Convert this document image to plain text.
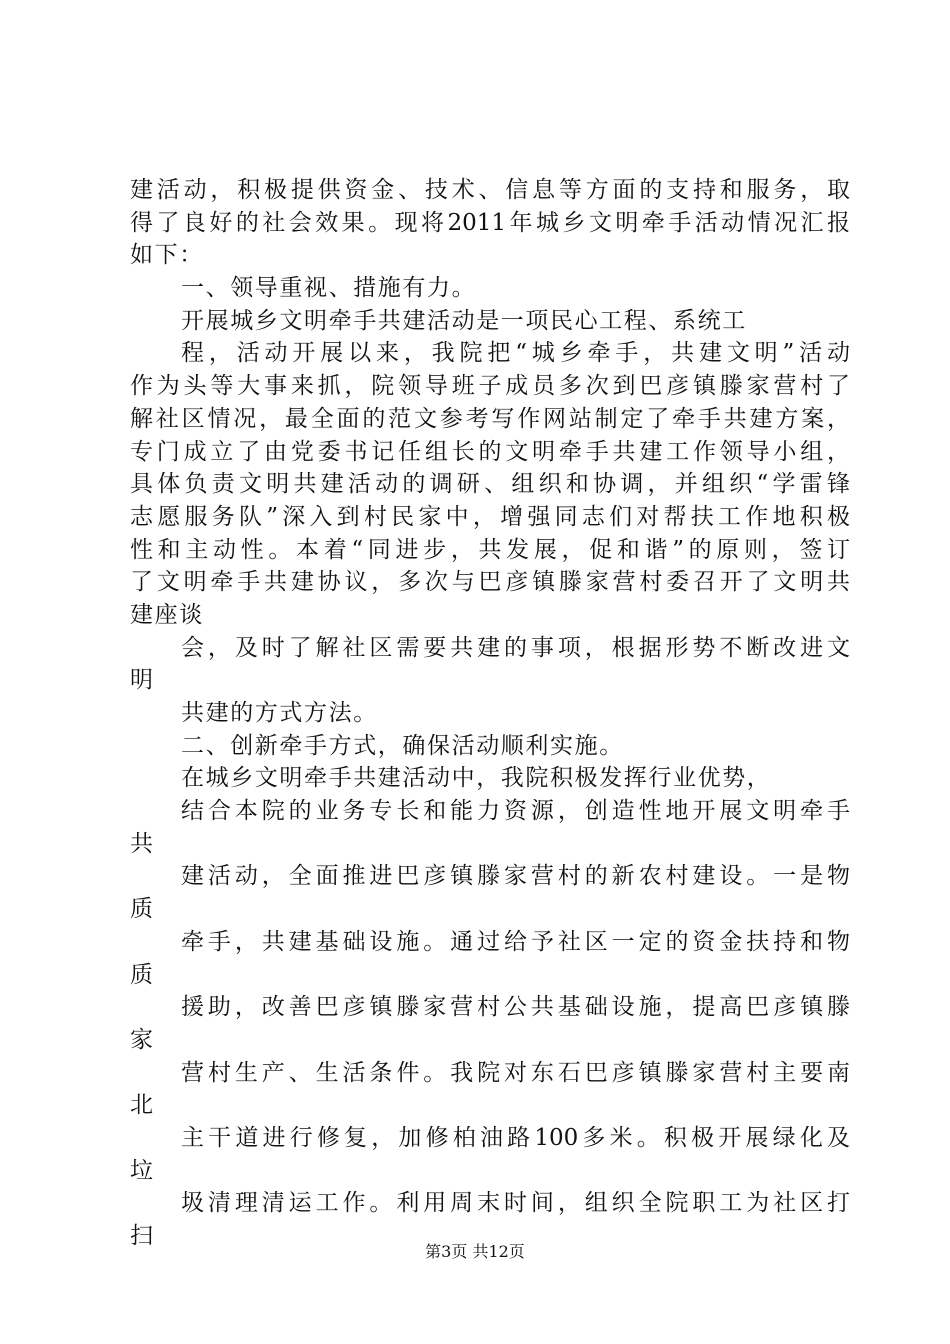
建活动，积极提供资金、技术、信息等方面的支持和服务，取
得了良好的社会效果。现将2011年城乡文明牵手活动情况汇报
如下：
一、领导重视、措施有力。
开展城乡文明牵手共建活动是一项民心工程、系统工
程，活动开展以来，我院把“城乡牵手，共建文明”活动
作为头等大事来抓，院领导班子成员多次到巴彦镇滕家营村了
解社区情况，最全面的范文参考写作网站制定了牵手共建方案，
专门成立了由党委书记任组长的文明牵手共建工作领导小组，
具体负责文明共建活动的调研、组织和协调，并组织“学雷锋
志愿服务队”深入到村民家中，增强同志们对帮扶工作地积极
性和主动性。本着“同进步，共发展，促和谐”的原则，签订
了文明牵手共建协议，多次与巴彦镇滕家营村委召开了文明共
建座谈
会，及时了解社区需要共建的事项，根据形势不断改进文
明
共建的方式方法。
二、创新牵手方式，确保活动顺利实施。
在城乡文明牵手共建活动中，我院积极发挥行业优势，
结合本院的业务专长和能力资源，创造性地开展文明牵手
共
建活动，全面推进巴彦镇滕家营村的新农村建设。一是物
质
牵手，共建基础设施。通过给予社区一定的资金扶持和物
质
援助，改善巴彦镇滕家营村公共基础设施，提高巴彦镇滕
家
营村生产、生活条件。我院对东石巴彦镇滕家营村主要南
北
主干道进行修复，加修柏油路100多米。积极开展绿化及
垃
圾清理清运工作。利用周末时间，组织全院职工为社区打
扫
第3页 共12页
